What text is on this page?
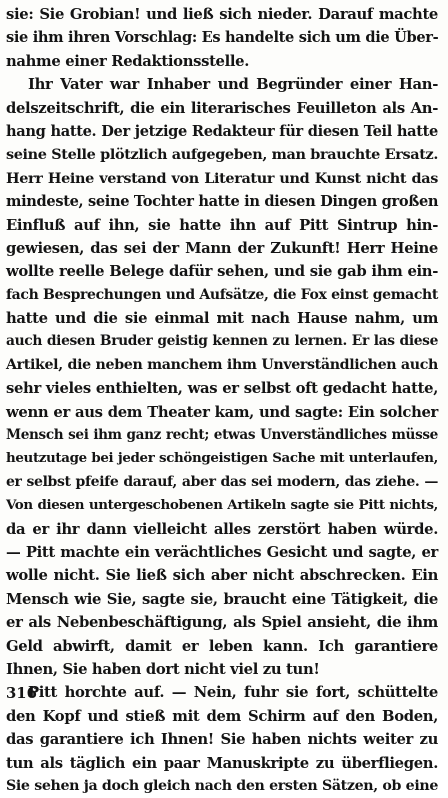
sie: Sie Grobian! und ließ sich nieder. Darauf machte
sie ihm ihren Vorschlag: Es handelte sich um die Über-
nahme einer Redaktionsstelle.
Ihr Vater war Inhaber und Begründer einer Han-
delszeitschrift, die ein literarisches Feuilleton als An-
hang hatte. Der jetzige Redakteur für diesen Teil hatte
seine Stelle plötzlich aufgegeben, man brauchte Ersatz.
Herr Heine verstand von Literatur und Kunst nicht das
mindeste, seine Tochter hatte in diesen Dingen großen
Einfluß auf ihn, sie hatte ihn auf Pitt Sintrup hin-
gewiesen, das sei der Mann der Zukunft! Herr Heine
wollte reelle Belege dafür sehen, und sie gab ihm ein-
fach Besprechungen und Aufsätze, die Fox einst gemacht
hatte und die sie einmal mit nach Hause nahm, um
auch diesen Bruder geistig kennen zu lernen. Er las diese
Artikel, die neben manchem ihm Unverständlichen auch
sehr vieles enthielten, was er selbst oft gedacht hatte,
wenn er aus dem Theater kam, und sagte: Ein solcher
Mensch sei ihm ganz recht; etwas Unverständliches müsse
heutzutage bei jeder schöngeistigen Sache mit unterlaufen,
er selbst pfeife darauf, aber das sei modern, das ziehe. —
Von diesen untergeschobenen Artikeln sagte sie Pitt nichts,
da er ihr dann vielleicht alles zerstört haben würde.
— Pitt machte ein verächtliches Gesicht und sagte, er
wolle nicht. Sie ließ sich aber nicht abschrecken. Ein
Mensch wie Sie, sagte sie, braucht eine Tätigkeit, die
er als Nebenbeschäftigung, als Spiel ansieht, die ihm
Geld abwirft, damit er leben kann. Ich garantiere
Ihnen, Sie haben dort nicht viel zu tun!
Pitt horchte auf. — Nein, fuhr sie fort, schüttelte
den Kopf und stieß mit dem Schirm auf den Boden,
das garantiere ich Ihnen! Sie haben nichts weiter zu
tun als täglich ein paar Manuskripte zu überfliegen.
Sie sehen ja doch gleich nach den ersten Sätzen, ob eine
316
